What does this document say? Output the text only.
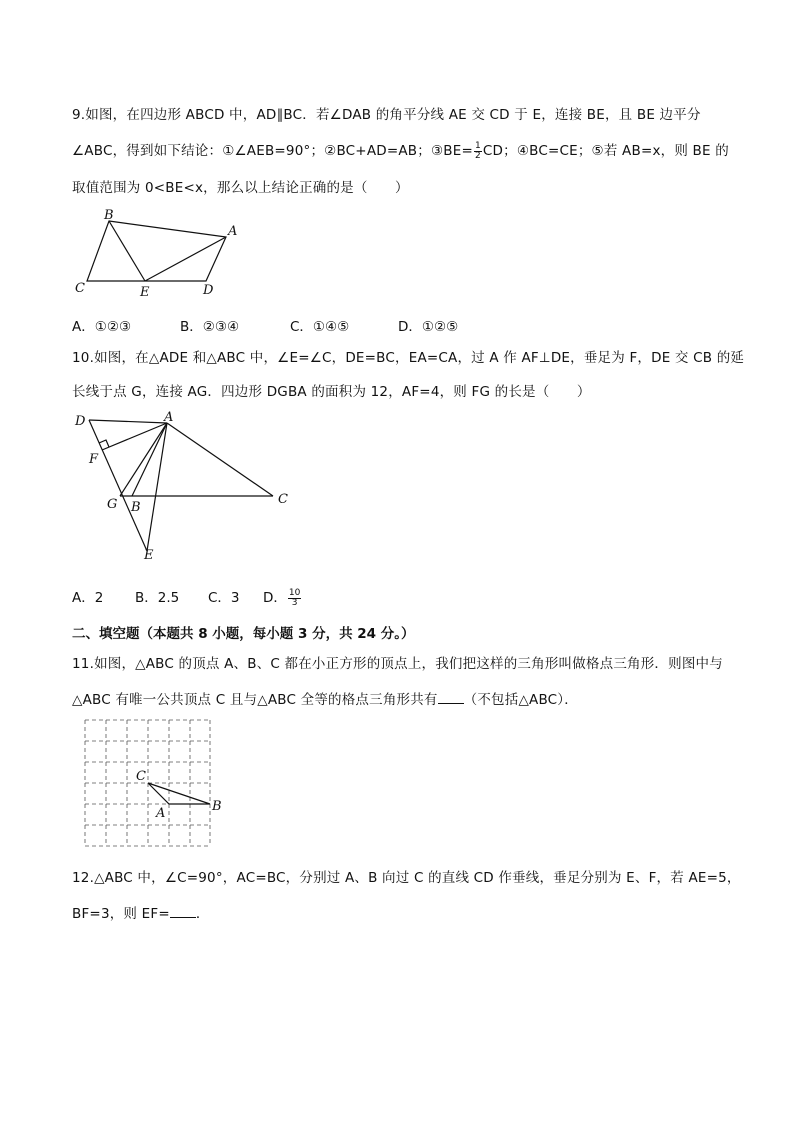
9.如图，在四边形 ABCD 中，AD∥BC．若∠DAB 的角平分线 AE 交 CD 于 E，连接 BE，且 BE 边平分
∠ABC，得到如下结论：①∠AEB=90°；②BC+AD=AB；③BE= $\frac{1}{2}$ CD；④BC=CE；⑤若 AB=x，则 BE 的
取值范围为 0<BE<x，那么以上结论正确的是（　　）
B
A
C	E	D
A．①②③	B．②③④	C．①④⑤	D．①②⑤
10.如图，在△ADE 和△ABC 中，∠E=∠C，DE=BC，EA=CA，过 A 作 AF⊥DE，垂足为 F，DE 交 CB 的延
长线于点 G，连接 AG．四边形 DGBA 的面积为 12，AF=4，则 FG 的长是（　　）
D	A
F
G B
C
E
A．2 B．2.5 C．3 D． $\frac{10}{3}$
二、填空题（本题共 8 小题，每小题 3 分，共 24 分。）
11.如图，△ABC 的顶点 A、B、C 都在小正方形的顶点上，我们把这样的三角形叫做格点三角形．则图中与
△ABC 有唯一公共顶点 C 且与△ABC 全等的格点三角形共有 （不包括△ABC）．
C
A	B
12.△ABC 中，∠C=90°，AC=BC，分别过 A、B 向过 C 的直线 CD 作垂线，垂足分别为 E、F，若 AE=5，
BF=3，则 EF= ．
